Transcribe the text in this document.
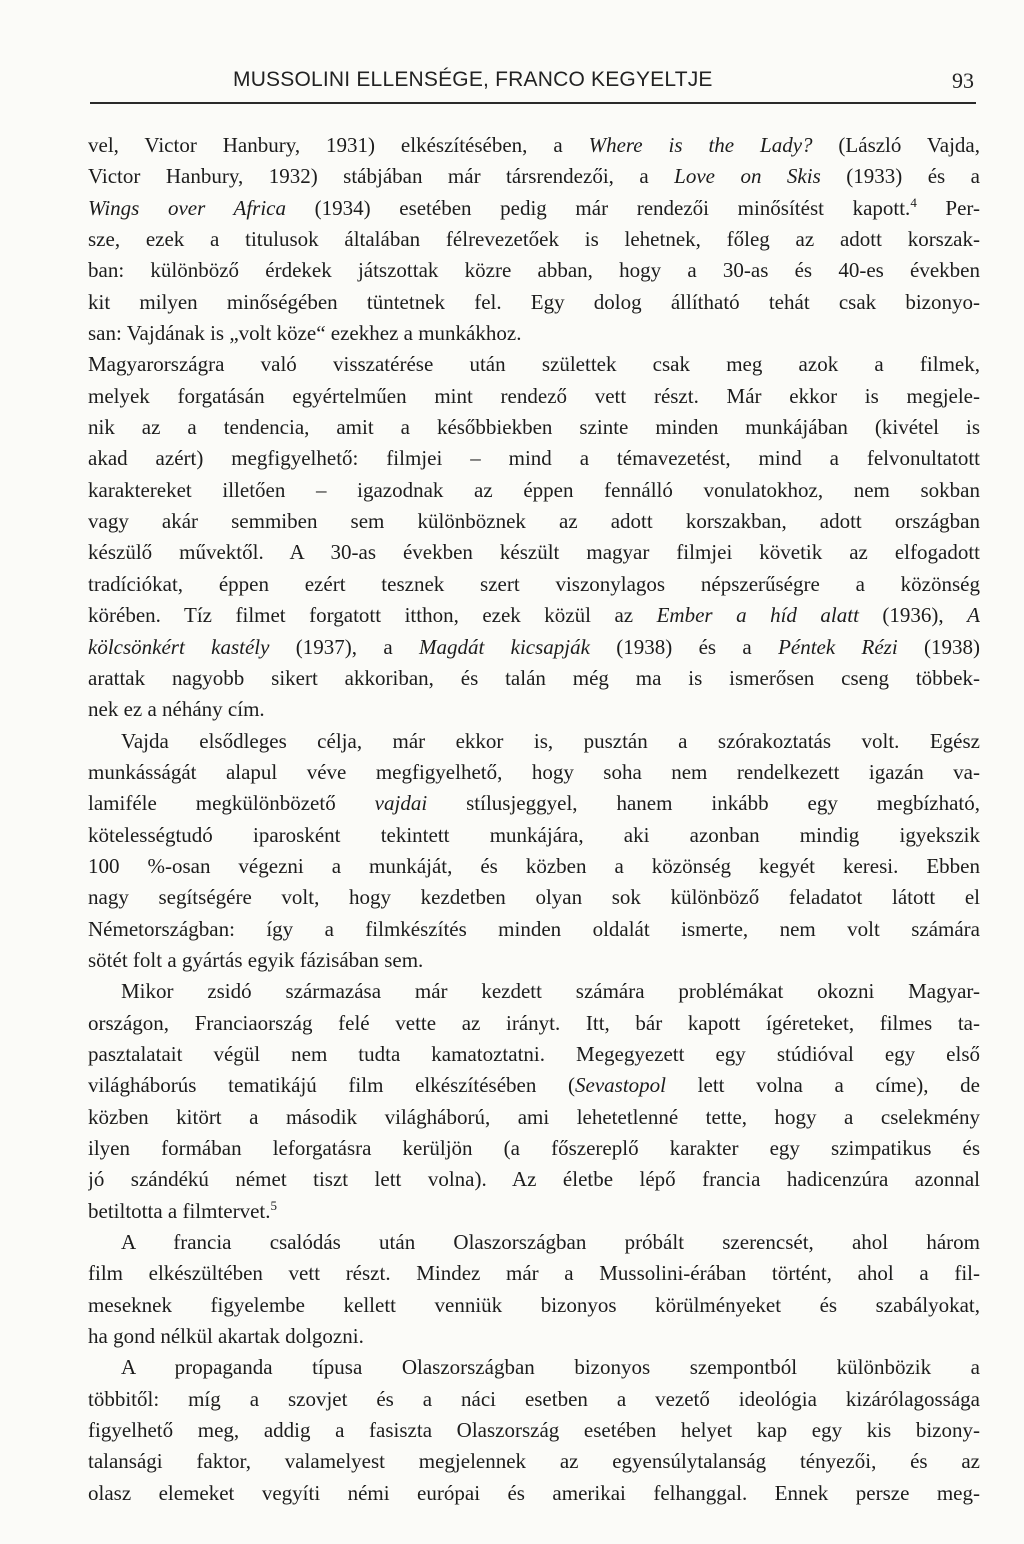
MUSSOLINI ELLENSÉGE, FRANCO KEGYELTJE	93
vel, Victor Hanbury, 1931) elkészítésében, a Where is the Lady? (László Vajda,
Victor Hanbury, 1932) stábjában már társrendezői, a Love on Skis (1933) és a
Wings over Africa (1934) esetében pedig már rendezői minősítést kapott.$^4$ Per-
sze, ezek a titulusok általában félrevezetőek is lehetnek, főleg az adott korszak-
ban: különböző érdekek játszottak közre abban, hogy a 30-as és 40-es években
kit milyen minőségében tüntetnek fel. Egy dolog állítható tehát csak bizonyo-
san: Vajdának is „volt köze“ ezekhez a munkákhoz.
Magyarországra való visszatérése után születtek csak meg azok a filmek,
melyek forgatásán egyértelműen mint rendező vett részt. Már ekkor is megjele-
nik az a tendencia, amit a későbbiekben szinte minden munkájában (kivétel is
akad azért) megfigyelhető: filmjei – mind a témavezetést, mind a felvonultatott
karaktereket illetően – igazodnak az éppen fennálló vonulatokhoz, nem sokban
vagy akár semmiben sem különböznek az adott korszakban, adott országban
készülő művektől. A 30-as években készült magyar filmjei követik az elfogadott
tradíciókat, éppen ezért tesznek szert viszonylagos népszerűségre a közönség
körében. Tíz filmet forgatott itthon, ezek közül az Ember a híd alatt (1936), A
kölcsönkért kastély (1937), a Magdát kicsapják (1938) és a Péntek Rézi (1938)
arattak nagyobb sikert akkoriban, és talán még ma is ismerősen cseng többek-
nek ez a néhány cím.
Vajda elsődleges célja, már ekkor is, pusztán a szórakoztatás volt. Egész
munkásságát alapul véve megfigyelhető, hogy soha nem rendelkezett igazán va-
lamiféle megkülönbözető vajdai stílusjeggyel, hanem inkább egy megbízható,
kötelességtudó iparosként tekintett munkájára, aki azonban mindig igyekszik
100 %-osan végezni a munkáját, és közben a közönség kegyét keresi. Ebben
nagy segítségére volt, hogy kezdetben olyan sok különböző feladatot látott el
Németországban: így a filmkészítés minden oldalát ismerte, nem volt számára
sötét folt a gyártás egyik fázisában sem.
Mikor zsidó származása már kezdett számára problémákat okozni Magyar-
országon, Franciaország felé vette az irányt. Itt, bár kapott ígéreteket, filmes ta-
pasztalatait végül nem tudta kamatoztatni. Megegyezett egy stúdióval egy első
világháborús tematikájú film elkészítésében (Sevastopol lett volna a címe), de
közben kitört a második világháború, ami lehetetlenné tette, hogy a cselekmény
ilyen formában leforgatásra kerüljön (a főszereplő karakter egy szimpatikus és
jó szándékú német tiszt lett volna). Az életbe lépő francia hadicenzúra azonnal
betiltotta a filmtervet.$^5$
A francia csalódás után Olaszországban próbált szerencsét, ahol három
film elkészültében vett részt. Mindez már a Mussolini-érában történt, ahol a fil-
meseknek figyelembe kellett venniük bizonyos körülményeket és szabályokat,
ha gond nélkül akartak dolgozni.
A propaganda típusa Olaszországban bizonyos szempontból különbözik a
többitől: míg a szovjet és a náci esetben a vezető ideológia kizárólagossága
figyelhető meg, addig a fasiszta Olaszország esetében helyet kap egy kis bizony-
talansági faktor, valamelyest megjelennek az egyensúlytalanság tényezői, és az
olasz elemeket vegyíti némi európai és amerikai felhanggal. Ennek persze meg-
